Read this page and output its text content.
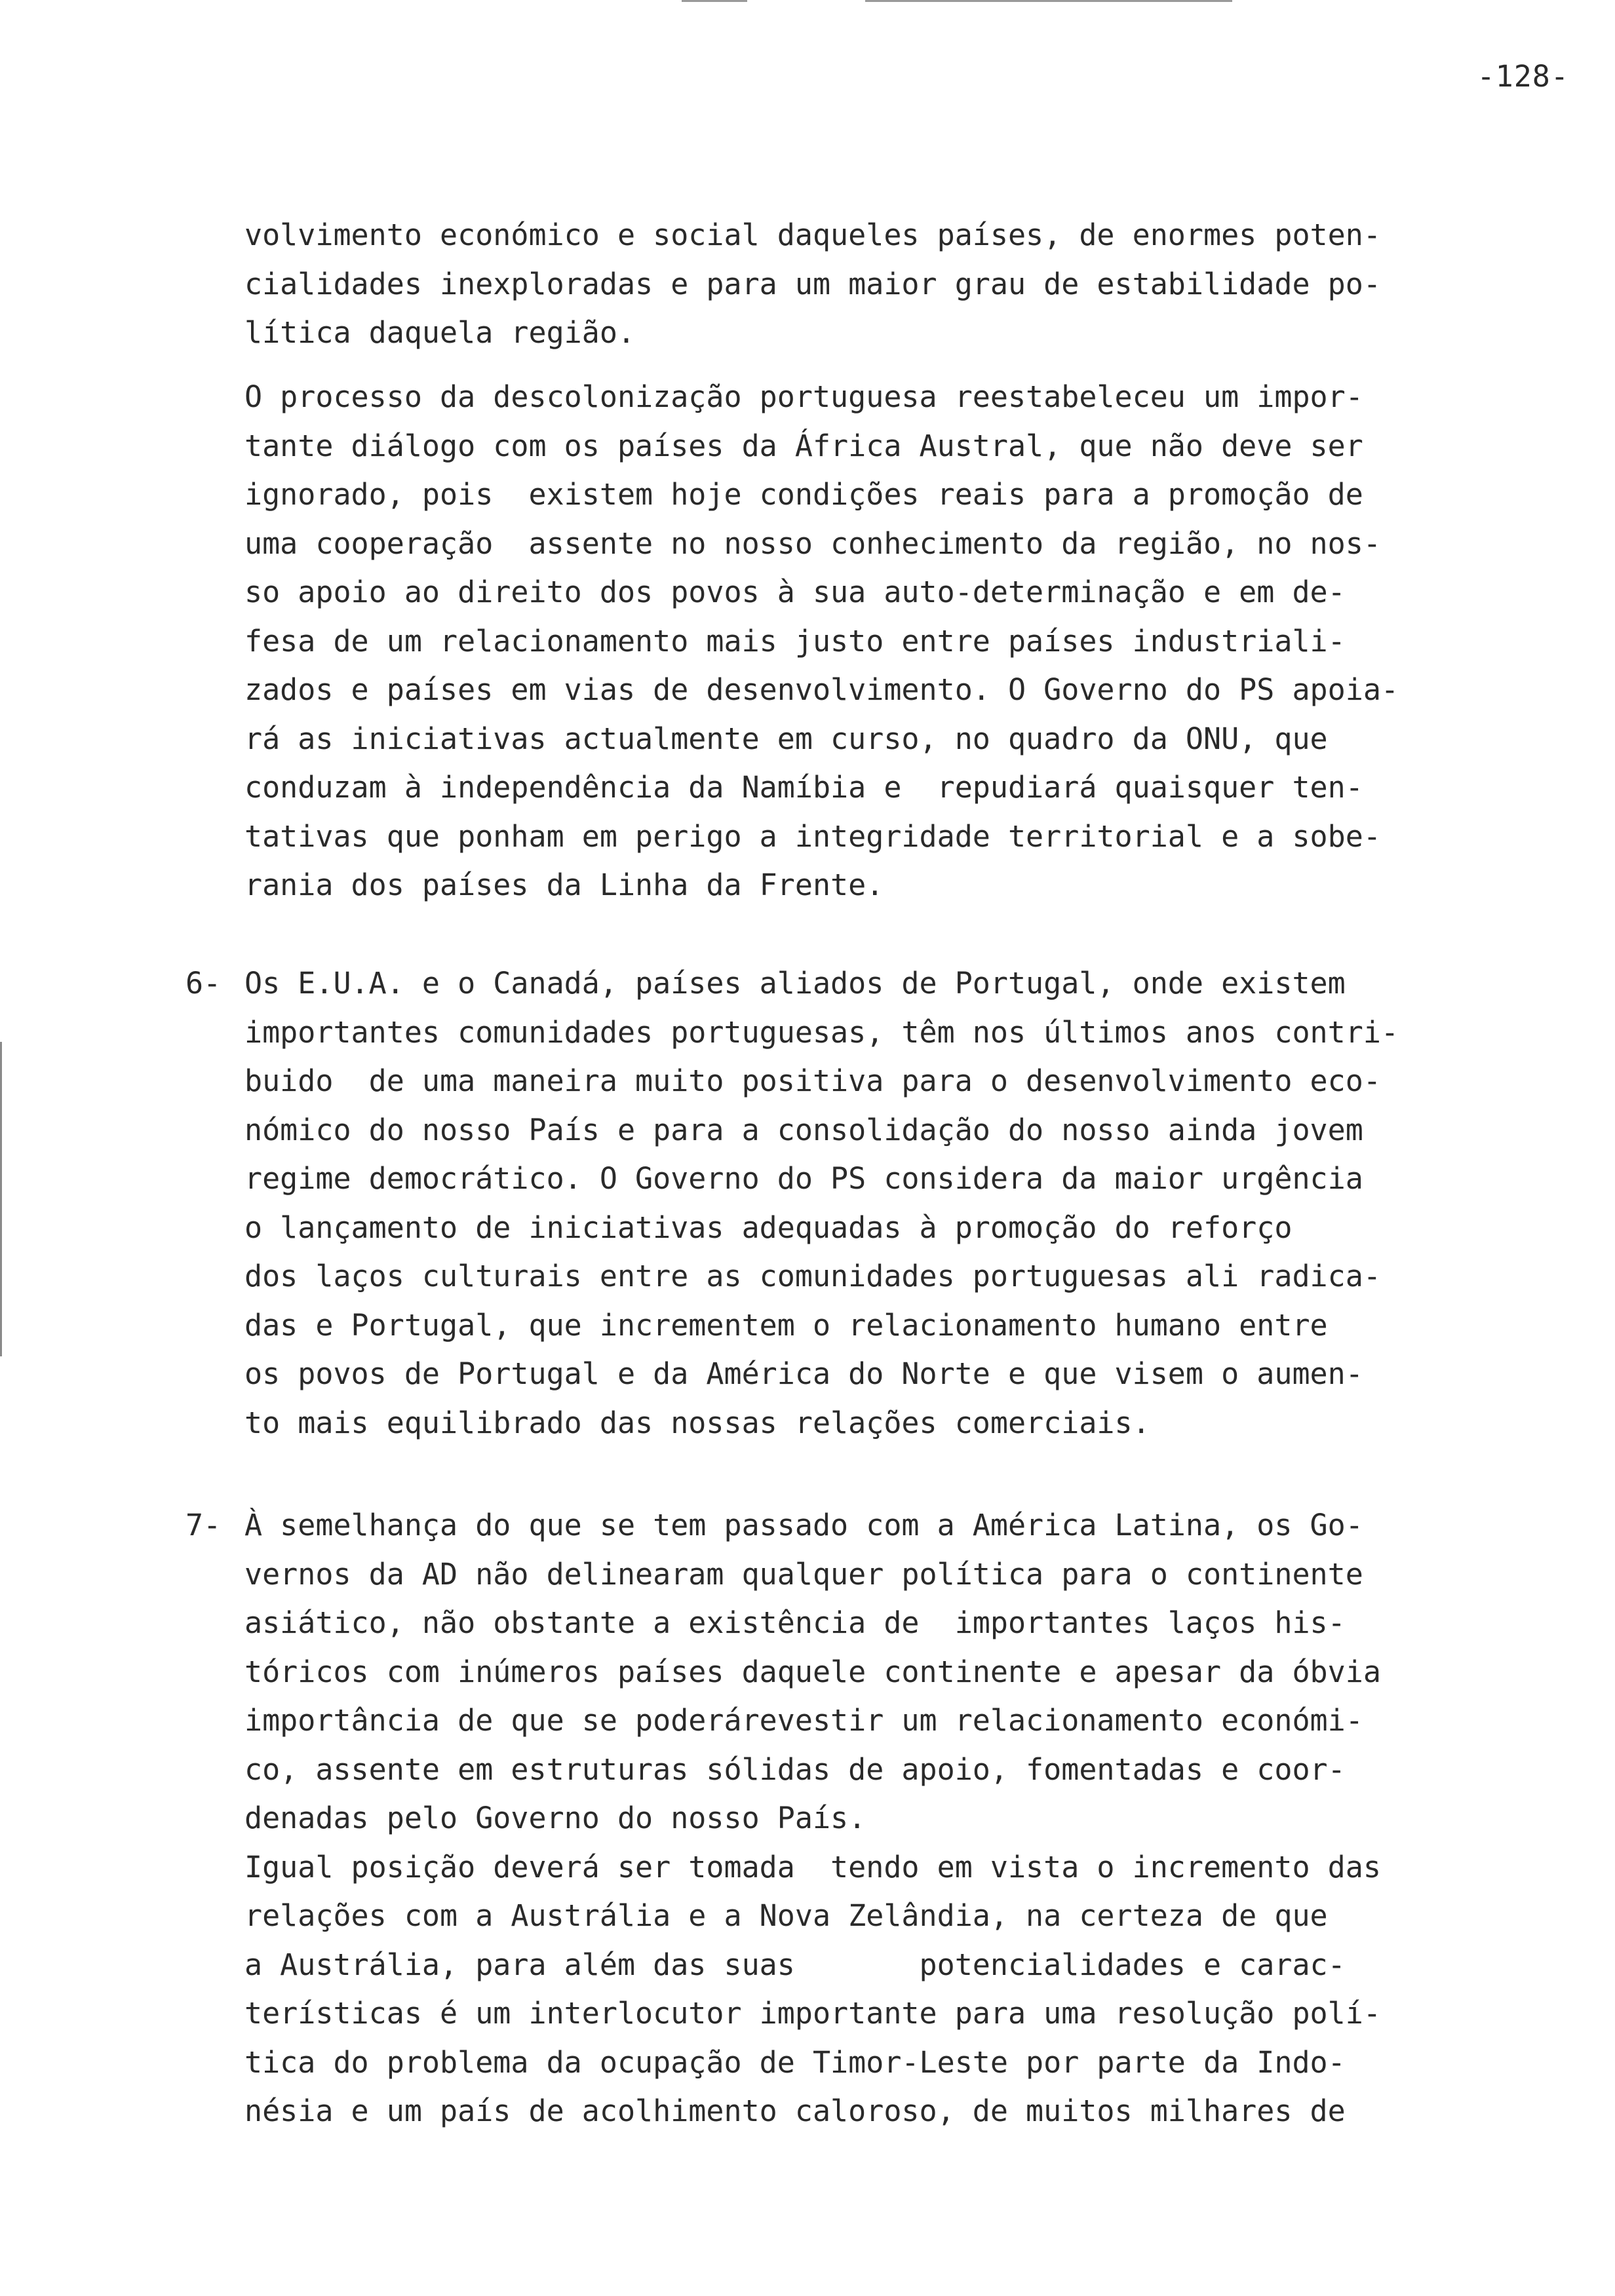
-128-
volvimento económico e social daqueles países, de enormes poten-
cialidades inexploradas e para um maior grau de estabilidade po-
lítica daquela região.
O processo da descolonização portuguesa reestabeleceu um impor-
tante diálogo com os países da África Austral, que não deve ser
ignorado, pois  existem hoje condições reais para a promoção de
uma cooperação  assente no nosso conhecimento da região, no nos-
so apoio ao direito dos povos à sua auto-determinação e em de-
fesa de um relacionamento mais justo entre países industriali-
zados e países em vias de desenvolvimento. O Governo do PS apoia-
rá as iniciativas actualmente em curso, no quadro da ONU, que
conduzam à independência da Namíbia e  repudiará quaisquer ten-
tativas que ponham em perigo a integridade territorial e a sobe-
rania dos países da Linha da Frente.
6- Os E.U.A. e o Canadá, países aliados de Portugal, onde existem
importantes comunidades portuguesas, têm nos últimos anos contri-
buido  de uma maneira muito positiva para o desenvolvimento eco-
nómico do nosso País e para a consolidação do nosso ainda jovem
regime democrático. O Governo do PS considera da maior urgência
o lançamento de iniciativas adequadas à promoção do reforço
dos laços culturais entre as comunidades portuguesas ali radica-
das e Portugal, que incrementem o relacionamento humano entre
os povos de Portugal e da América do Norte e que visem o aumen-
to mais equilibrado das nossas relações comerciais.
7- À semelhança do que se tem passado com a América Latina, os Go-
vernos da AD não delinearam qualquer política para o continente
asiático, não obstante a existência de  importantes laços his-
tóricos com inúmeros países daquele continente e apesar da óbvia
importância de que se poderárevestir um relacionamento económi-
co, assente em estruturas sólidas de apoio, fomentadas e coor-
denadas pelo Governo do nosso País.
Igual posição deverá ser tomada  tendo em vista o incremento das
relações com a Austrália e a Nova Zelândia, na certeza de que
a Austrália, para além das suas       potencialidades e carac-
terísticas é um interlocutor importante para uma resolução polí-
tica do problema da ocupação de Timor-Leste por parte da Indo-
nésia e um país de acolhimento caloroso, de muitos milhares de
